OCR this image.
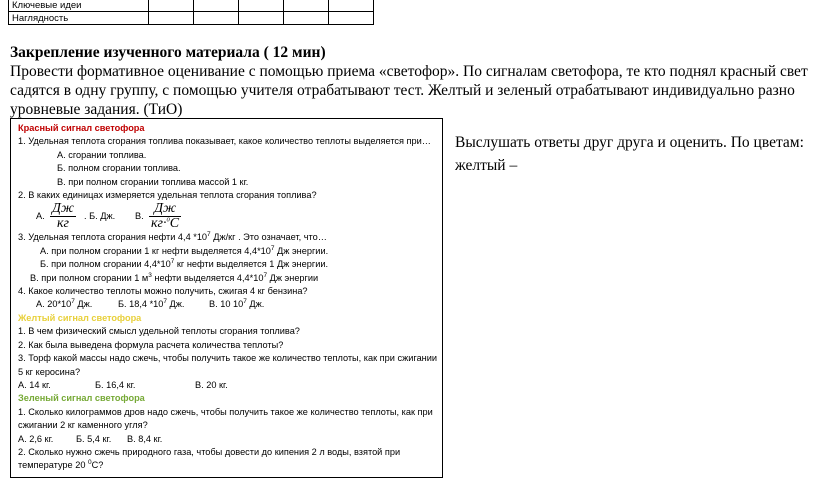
Ключевые идеи					
Наглядность					
Закрепление изученного материала ( 12 мин)
Провести формативное оценивание с помощью приема «светофор». По сигналам светофора, те кто поднял красный свет
садятся в одну группу, с помощью учителя отрабатывают тест. Желтый и зеленый отрабатывают индивидуально разно
уровневые задания. (ТиО)
Красный сигнал светофора
1. Удельная теплота сгорания топлива показывает, какое количество теплоты выделяется при…
А. сгорании топлива.
Б. полном сгорании топлива.
В. при полном сгорании топлива массой 1 кг.
2. В каких единицах измеряется удельная теплота сгорания топлива?
А. $\frac{Дж}{кг}$ . Б. Дж. В. $\frac{Дж}{кг\cdot^0С}$
3. Удельная теплота сгорания нефти 4,4 $*10^7$ Дж/кг . Это означает, что…
А. при полном сгорании 1 кг нефти выделяется $4,4*10^7$ Дж энергии.
Б. при полном сгорании $4,4*10^7$ кг нефти выделяется 1 Дж энергии.
В. при полном сгорании 1 $м^3$ нефти выделяется $4,4*10^7$ Дж энергии
4. Какое количество теплоты можно получить, сжигая 4 кг бензина?
А. $20*10^7$ Дж.	Б. 18,4 $*10^7$ Дж.	В. 10 $10^7$ Дж.
Желтый сигнал светофора
1. В чем физический смысл удельной теплоты сгорания топлива?
2. Как была выведена формула расчета количества теплоты?
3. Торф какой массы надо сжечь, чтобы получить такое же количество теплоты, как при сжигании
5 кг керосина?
А. 14 кг.	Б. 16,4 кг.	В. 20 кг.
Зеленый сигнал светофора
1. Сколько килограммов дров надо сжечь, чтобы получить такое же количество теплоты, как при
сжигании 2 кг каменного угля?
А. 2,6 кг. Б. 5,4 кг. В. 8,4 кг.
2. Сколько нужно сжечь природного газа, чтобы довести до кипения 2 л воды, взятой при
температуре 20 $^0$С?
Выслушать ответы друг друга и оценить. По цветам:
желтый –
